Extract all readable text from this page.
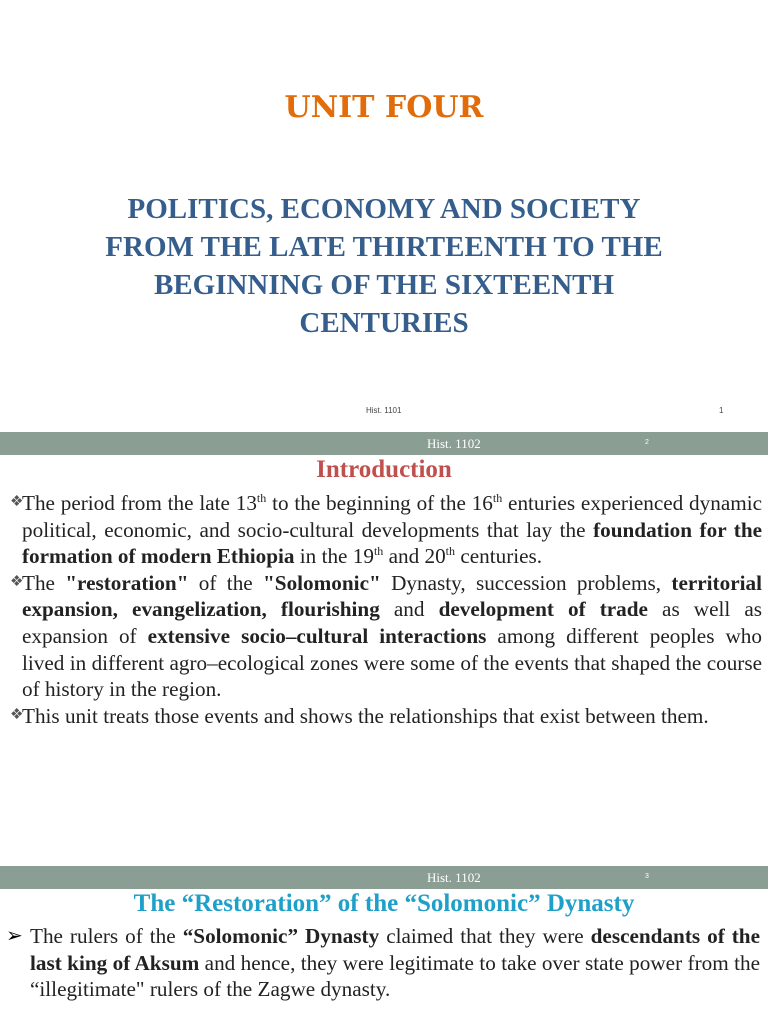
UNIT FOUR
POLITICS, ECONOMY AND SOCIETY
FROM THE LATE THIRTEENTH TO THE
BEGINNING OF THE SIXTEENTH
CENTURIES
Hist. 1101	1
Hist. 1102	2
Introduction

❖
The period from the late 13th to the beginning of the 16th enturies experienced dynamic political, economic, and socio-cultural developments that lay the foundation for the formation of modern Ethiopia in the 19th and 20th centuries.

❖
The "restoration" of the "Solomonic" Dynasty, succession problems, territorial expansion, evangelization, flourishing and development of trade as well as expansion of extensive socio–cultural interactions among different peoples who lived in different agro–ecological zones were some of the events that shaped the course of history in the region.

❖
This unit treats those events and shows the relationships that exist between them.

Hist. 1102	3
The “Restoration” of the “Solomonic” Dynasty

➢ The rulers of the “Solomonic” Dynasty claimed that they were descendants of the last king of Aksum and hence, they were legitimate to take over state power from the “illegitimate" rulers of the Zagwe dynasty.
